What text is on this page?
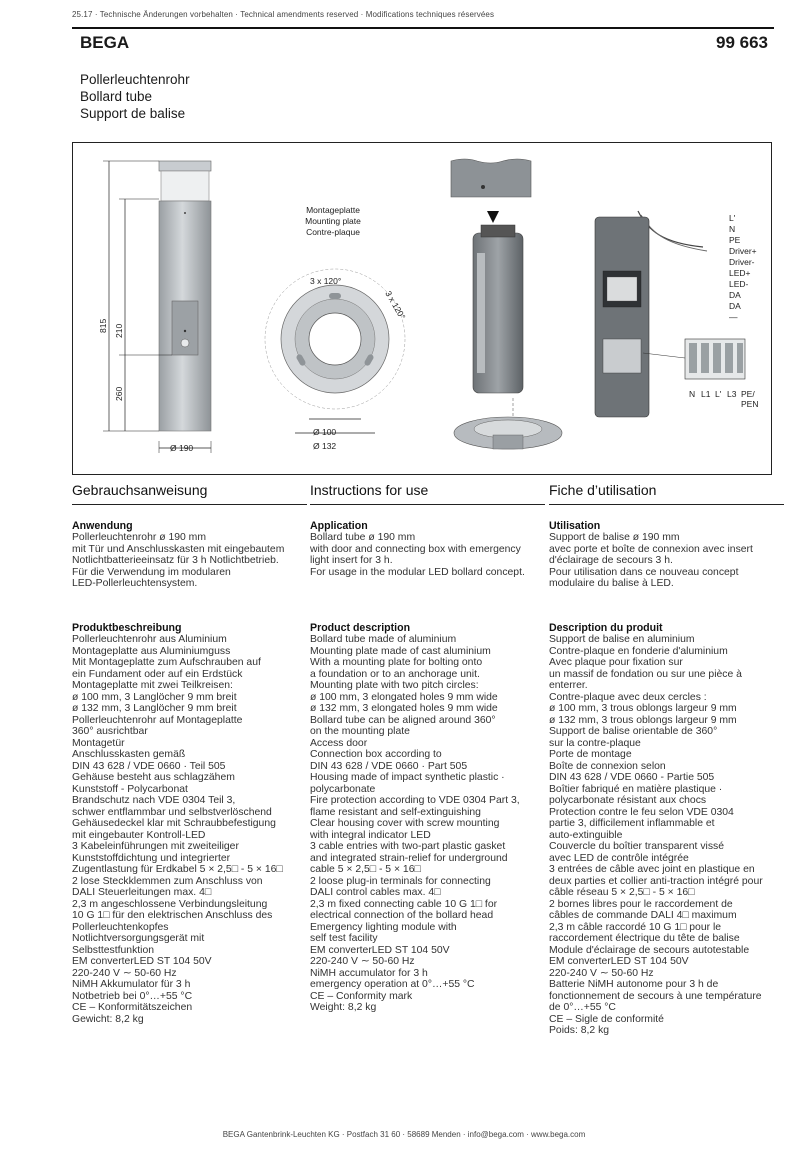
25.17 · Technische Änderungen vorbehalten · Technical amendments reserved · Modifications techniques réservées
BEGA	99 663
Pollerleuchtenrohr
Bollard tube
Support de balise
815 210
260
Ø 190
Montageplatte
Mounting plate
Contre-plaque
3 x 120°
3 x 120°
Ø 100
Ø 132
L'
N
PE
Driver+
Driver-
LED+
LED-
DA
DA
—
N L1 L' L3 PE/
PEN
Gebrauchsanweisung
Anwendung
Pollerleuchtenrohr ø 190 mm
mit Tür und Anschlusskasten mit eingebautem
Notlichtbatterieeinsatz für 3 h Notlichtbetrieb.
Für die Verwendung im modularen
LED-Pollerleuchtensystem.
Produktbeschreibung
Pollerleuchtenrohr aus Aluminium
Montageplatte aus Aluminiumguss
Mit Montageplatte zum Aufschrauben auf
ein Fundament oder auf ein Erdstück
Montageplatte mit zwei Teilkreisen:
ø 100 mm, 3 Langlöcher 9 mm breit
ø 132 mm, 3 Langlöcher 9 mm breit
Pollerleuchtenrohr auf Montageplatte
360° ausrichtbar
Montagetür
Anschlusskasten gemäß
DIN 43 628 / VDE 0660 · Teil 505
Gehäuse besteht aus schlagzähem
Kunststoff - Polycarbonat
Brandschutz nach VDE 0304 Teil 3,
schwer entflammbar und selbstverlöschend
Gehäusedeckel klar mit Schraubbefestigung
mit eingebauter Kontroll-LED
3 Kabeleinführungen mit zweiteiliger
Kunststoffdichtung und integrierter
Zugentlastung für Erdkabel 5 × 2,5□ - 5 × 16□
2 lose Steckklemmen zum Anschluss von
DALI Steuerleitungen max. 4□
2,3 m angeschlossene Verbindungsleitung
10 G 1□ für den elektrischen Anschluss des
Pollerleuchtenkopfes
Notlichtversorgungsgerät mit
Selbsttestfunktion
EM converterLED ST 104 50V
220-240 V ∼ 50-60 Hz
NiMH Akkumulator für 3 h
Notbetrieb bei 0°…+55 °C
CE – Konformitätszeichen
Gewicht: 8,2 kg
Instructions for use
Application
Bollard tube ø 190 mm
with door and connecting box with emergency
light insert for 3 h.
For usage in the modular LED bollard concept.
Product description
Bollard tube made of aluminium
Mounting plate made of cast aluminium
With a mounting plate for bolting onto
a foundation or to an anchorage unit.
Mounting plate with two pitch circles:
ø 100 mm, 3 elongated holes 9 mm wide
ø 132 mm, 3 elongated holes 9 mm wide
Bollard tube can be aligned around 360°
on the mounting plate
Access door
Connection box according to
DIN 43 628 / VDE 0660 · Part 505
Housing made of impact synthetic plastic ·
polycarbonate
Fire protection according to VDE 0304 Part 3,
flame resistant and self-extinguishing
Clear housing cover with screw mounting
with integral indicator LED
3 cable entries with two-part plastic gasket
and integrated strain-relief for underground
cable 5 × 2,5□ - 5 × 16□
2 loose plug-in terminals for connecting
DALI control cables max. 4□
2,3 m fixed connecting cable 10 G 1□ for
electrical connection of the bollard head
Emergency lighting module with
self test facility
EM converterLED ST 104 50V
220-240 V ∼ 50-60 Hz
NiMH accumulator for 3 h
emergency operation at 0°…+55 °C
CE – Conformity mark
Weight: 8,2 kg
Fiche d’utilisation
Utilisation
Support de balise ø 190 mm
avec porte et boîte de connexion avec insert
d'éclairage de secours 3 h.
Pour utilisation dans ce nouveau concept
modulaire du balise à LED.
Description du produit
Support de balise en aluminium
Contre-plaque en fonderie d'aluminium
Avec plaque pour fixation sur
un massif de fondation ou sur une pièce à
enterrer.
Contre-plaque avec deux cercles :
ø 100 mm, 3 trous oblongs largeur 9 mm
ø 132 mm, 3 trous oblongs largeur 9 mm
Support de balise orientable de 360°
sur la contre-plaque
Porte de montage
Boîte de connexion selon
DIN 43 628 / VDE 0660 - Partie 505
Boîtier fabriqué en matière plastique ·
polycarbonate résistant aux chocs
Protection contre le feu selon VDE 0304
partie 3, difficilement inflammable et
auto-extinguible
Couvercle du boîtier transparent vissé
avec LED de contrôle intégrée
3 entrées de câble avec joint en plastique en
deux parties et collier anti-traction intégré pour
câble réseau 5 × 2,5□ - 5 × 16□
2 bornes libres pour le raccordement de
câbles de commande DALI 4□ maximum
2,3 m câble raccordé 10 G 1□ pour le
raccordement électrique du tête de balise
Module d'éclairage de secours autotestable
EM converterLED ST 104 50V
220-240 V ∼ 50-60 Hz
Batterie NiMH autonome pour 3 h de
fonctionnement de secours à une température
de 0°…+55 °C
CE – Sigle de conformité
Poids: 8,2 kg
BEGA Gantenbrink-Leuchten KG · Postfach 31 60 · 58689 Menden · info@bega.com · www.bega.com
